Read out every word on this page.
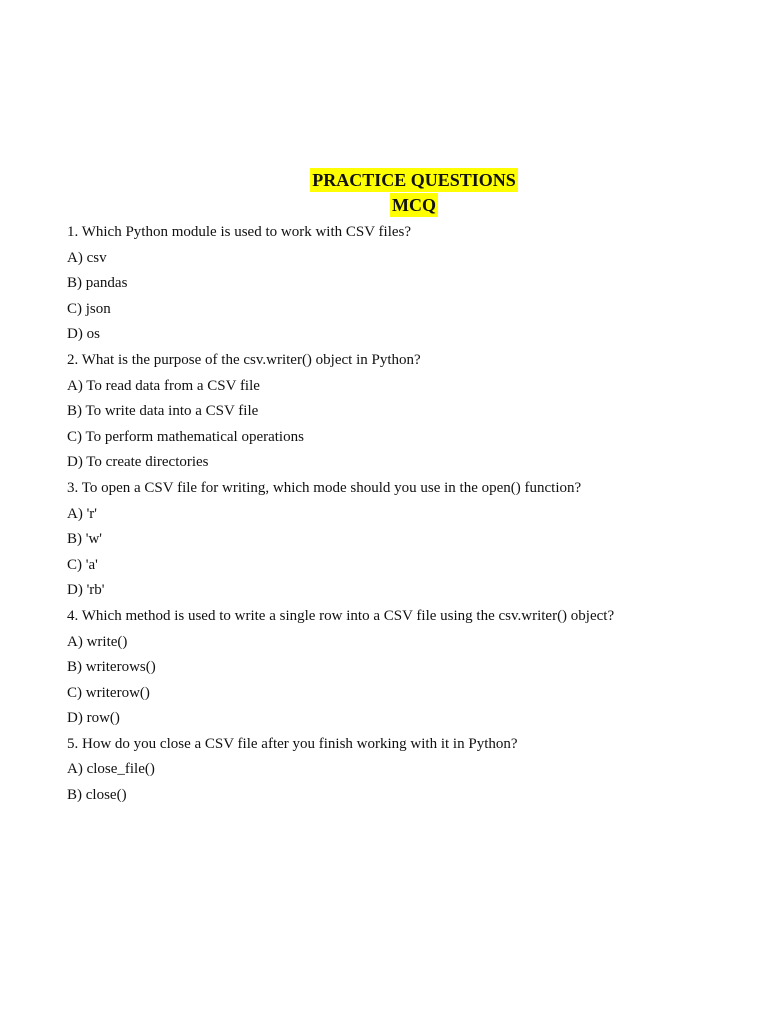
PRACTICE QUESTIONS
MCQ
1. Which Python module is used to work with CSV files?
A) csv
B) pandas
C) json
D) os
2. What is the purpose of the csv.writer() object in Python?
A) To read data from a CSV file
B) To write data into a CSV file
C) To perform mathematical operations
D) To create directories
3. To open a CSV file for writing, which mode should you use in the open() function?
A) 'r'
B) 'w'
C) 'a'
D) 'rb'
4. Which method is used to write a single row into a CSV file using the csv.writer() object?
A) write()
B) writerows()
C) writerow()
D) row()
5. How do you close a CSV file after you finish working with it in Python?
A) close_file()
B) close()
